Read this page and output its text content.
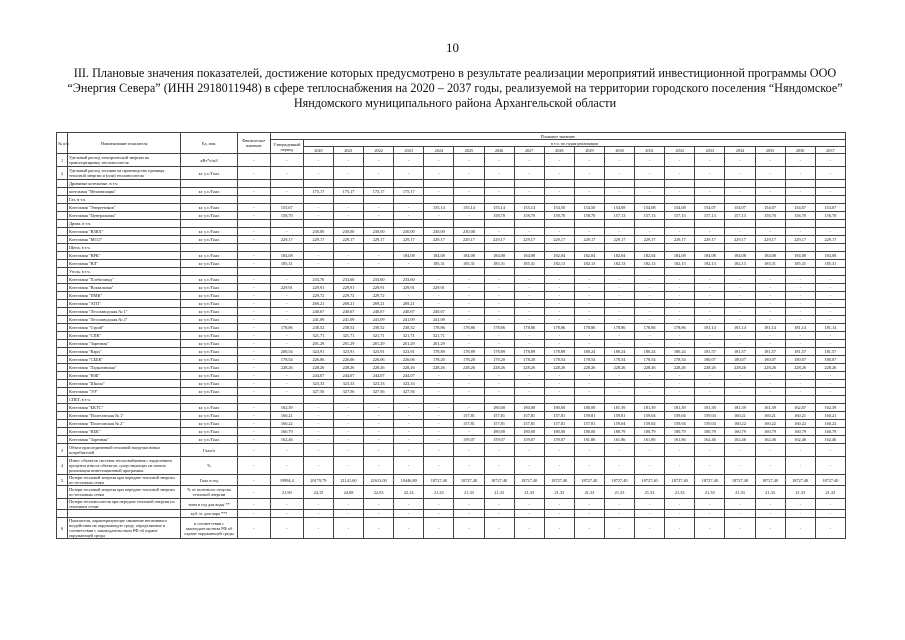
10
III. Плановые значения показателей, достижение которых предусмотрено в результате реализации мероприятий инвестиционной программы ООО “Энергия Севера” (ИНН 2918011948) в сфере теплоснабжения на 2020 – 2037 годы, реализуемой на территории городского поселения “Няндомское” Няндомского муниципального района Архангельской области
№ п/п	Наименование показателя	Ед. изм.	Фактическое значение	Плановое значение																		
				Утвержденный период	в т.ч. по годам реализации																	
					2020	2021	2022	2023	2024	2025	2026	2027	2028	2029	2030	2031	2032	2033	2034	2035	2036	2037
1	Удельный расход электрической энергии на транспортировку теплоносителя	кВт*ч/м3	-	-	-	-	-	-	-	-	-	-	-	-	-	-	-	-	-	-	-	-
2	Удельный расход топлива на производство единицы тепловой энергии и (или) теплоносителя	кг. у.т./Гкал	-	-	-	-	-	-	-	-	-	-	-	-	-	-	-	-	-	-	-	-
	Дровяные котельные, в т.ч.																					
	котельная "Механизация"	кг. у.т./Гкал	-	-	175,17	175,17	175,17	175,17	-	-	-	-	-	-	-	-	-	-	-	-	-	-
	Газ, в т.ч.																					
	Котельная "Энергетиков"	кг. у.т./Гкал	-	155,67	-	-	-	-	155,14	155,14	155,14	155,14	154,50	154,50	154,08	154,08	154,08	154,07	154,07	154,07	154,07	154,07
	Котельная "Центральная"	кг. у.т./Гкал	-	158,70	-	-	-	-	-	-	158,70	158,70	158,70	158,70	157,13	157,13	157,13	157,13	157,13	156,70	156,70	156,70
	Дрова, в т.ч.																					
	Котельная "ВЗКХ"	кг. у.т./Гкал	-	-	230,00	230,00	230,00	230,00	230,00	230,00	-	-	-	-	-	-	-	-	-	-	-	-
	Котельная "МСО"	кг. у.т./Гкал	-	229,17	229,17	229,17	229,17	229,17	229,17	229,17	229,17	229,17	229,17	229,17	229,17	229,17	229,17	229,17	229,17	229,17	229,17	229,17
	Щепа, в т.ч.																					
	Котельная "ВРК"	кг. у.т./Гкал	-	184,08	-	-	-	184,08	184,08	184,08	184,08	184,08	182,04	182,04	182,04	182,04	184,08	184,08	184,08	184,08	184,08	184,08
	Котельная "ВЛ"	кг. у.т./Гкал	-	185,31	-	-	-	-	185,31	185,31	185,31	185,31	182,13	182,13	182,13	182,13	182,13	182,13	182,13	185,31	185,31	185,31
	Уголь, в т.ч.																					
	Котельная "Хлебозавод"	кг. у.т./Гкал	-	-	233,76	233,60	233,60	233,60	-	-	-	-	-	-	-	-	-	-	-	-	-	-
	Котельная "Вокзальная"	кг. у.т./Гкал	-	229,91	229,91	229,91	229,91	229,91	229,91	-	-	-	-	-	-	-	-	-	-	-	-	-
	Котельная "ПМК"	кг. у.т./Гкал	-	-	229,72	229,72	229,72	-	-	-	-	-	-	-	-	-	-	-	-	-	-	-
	Котельная "АТП"	кг. у.т./Гкал	-	-	269,21	269,21	269,21	269,21	-	-	-	-	-	-	-	-	-	-	-	-	-	-
	Котельная "Лесозаводская № 1"	кг. у.т./Гкал	-	-	240,67	240,67	240,67	240,67	240,67	-	-	-	-	-	-	-	-	-	-	-	-	-
	Котельная "Лесозаводская № 2"	кг. у.т./Гкал	-	-	241,09	241,09	241,09	241,09	241,09	-	-	-	-	-	-	-	-	-	-	-	-	-
	Котельная "Строй"	кг. у.т./Гкал	-	178,86	238,52	238,52	238,52	238,52	178,86	178,86	178,86	178,86	178,86	178,86	178,86	178,86	178,86	181,14	181,14	181,14	181,14	181,14
	Котельная "СПК"	кг. у.т./Гкал	-	-	321,71	321,71	321,71	321,71	321,71	-	-	-	-	-	-	-	-	-	-	-	-	-
	Котельная "Заречная"	кг. у.т./Гкал	-	-	201,29	201,29	201,29	201,29	201,29	-	-	-	-	-	-	-	-	-	-	-	-	-
	Котельная "Карп"	кг. у.т./Гкал	-	208,54	323,91	323,91	323,91	323,91	178,89	178,89	178,89	178,89	178,89	180,24	180,24	180,24	180,24	181,57	181,57	181,57	181,57	181,57
	Котельная "СББК"	кг. у.т./Гкал	-	178,54	226,06	226,06	226,06	226,06	178,20	178,20	178,20	178,20	178,54	178,54	178,54	178,54	178,54	180,07	180,07	180,07	180,07	180,07
	Котельная "Ладыгинская"	кг. у.т./Гкал	-	228,26	228,26	228,26	228,26	228,26	228,26	228,26	228,26	228,26	228,26	228,26	228,26	228,26	228,26	228,26	228,26	228,26	228,26	228,26
	Котельная "НЗБ"	кг. у.т./Гкал	-	-	244,07	244,07	244,07	244,07	-	-	-	-	-	-	-	-	-	-	-	-	-	-
	Котельная "Школа"	кг. у.т./Гкал	-	-	323,33	323,33	323,33	323,33	-	-	-	-	-	-	-	-	-	-	-	-	-	-
	Котельная "ЭЭ"	кг. у.т./Гкал	-	-	327,56	327,56	327,56	327,56	-	-	-	-	-	-	-	-	-	-	-	-	-	-
	СПБТ, в т.ч.																					
	Котельная "БКТС"	кг. у.т./Гкал	-	162,39	-	-	-	-	-	-	180,00	180,00	180,00	180,00	181,39	181,39	181,39	181,39	181,39	161,39	162,07	162,39
	Котельная "Полесовская № 1"	кг. у.т./Гкал	-	160,21	-	-	-	-	-	157,81	157,81	157,81	157,81	159,81	159,81	159,04	159,04	159,04	160,21	160,21	160,21	160,21
	Котельная "Полесовская № 2"	кг. у.т./Гкал	-	160,22	-	-	-	-	-	157,81	157,81	157,81	157,81	157,81	159,04	159,04	159,04	159,04	160,22	160,22	160,22	160,22
	Котельная "КБК"	кг. у.т./Гкал	-	160,79	-	-	-	-	-	-	180,00	180,00	180,00	180,00	180,79	180,79	180,79	180,79	160,79	160,79	160,79	160,79
	Котельная "Заречная"	кг. у.т./Гкал	-	162,46	-	-	-	-	-	159,07	159,07	159,07	159,07	161,86	161,86	161,86	161,86	162,46	162,46	162,46	162,46	162,46
3	Объем присоединенной тепловой нагрузки новых потребителей	Гкал/ч	-	-	-	-	-	-	-	-	-	-	-	-	-	-	-	-	-	-	-	-
4	Износ объектов системы теплоснабжения с выделением процента износа объектов, существующих на начало реализации инвестиционной программы	%	-	-	-	-	-	-	-	-	-	-	-	-	-	-	-	-	-	-	-	-
5	Потери тепловой энергии при передаче тепловой энергии по тепловым сетям	Гкал в год	-	19994,4	20179,79	21141,60	21613,00	19446,80	18727,40	18727,40	18727,40	18727,40	18727,40	18727,40	18727,40	18727,40	18727,40	18727,40	18727,40	18727,40	18727,40	18727,40
	Потери тепловой энергии при передаче тепловой энергии по тепловым сетям	% от полезного отпуска тепловой энергии	-	21,90	24,15	24,08	22,93	22,14	21,33	21,33	21,33	21,33	21,33	21,33	21,33	21,33	21,33	21,33	21,33	21,33	21,33	21,33
	Потери теплоносителя при передаче тепловой энергии по тепловым сетям	тонн в год для воды **	-	-	-	-	-	-	-	-	-	-	-	-	-	-	-	-	-	-	-	-
		куб. м. для пара ***	-	-	-	-	-	-	-	-	-	-	-	-	-	-	-	-	-	-	-	-
6	Показатели, характеризующие снижение негативного воздействия на окружающую среду, определяемые в соответствии с законодательством РФ об охране окружающей среды	в соответствии с законодательством РФ об охране окружающей среды	-	-	-	-	-	-	-	-	-	-	-	-	-	-	-	-	-	-	-	-
